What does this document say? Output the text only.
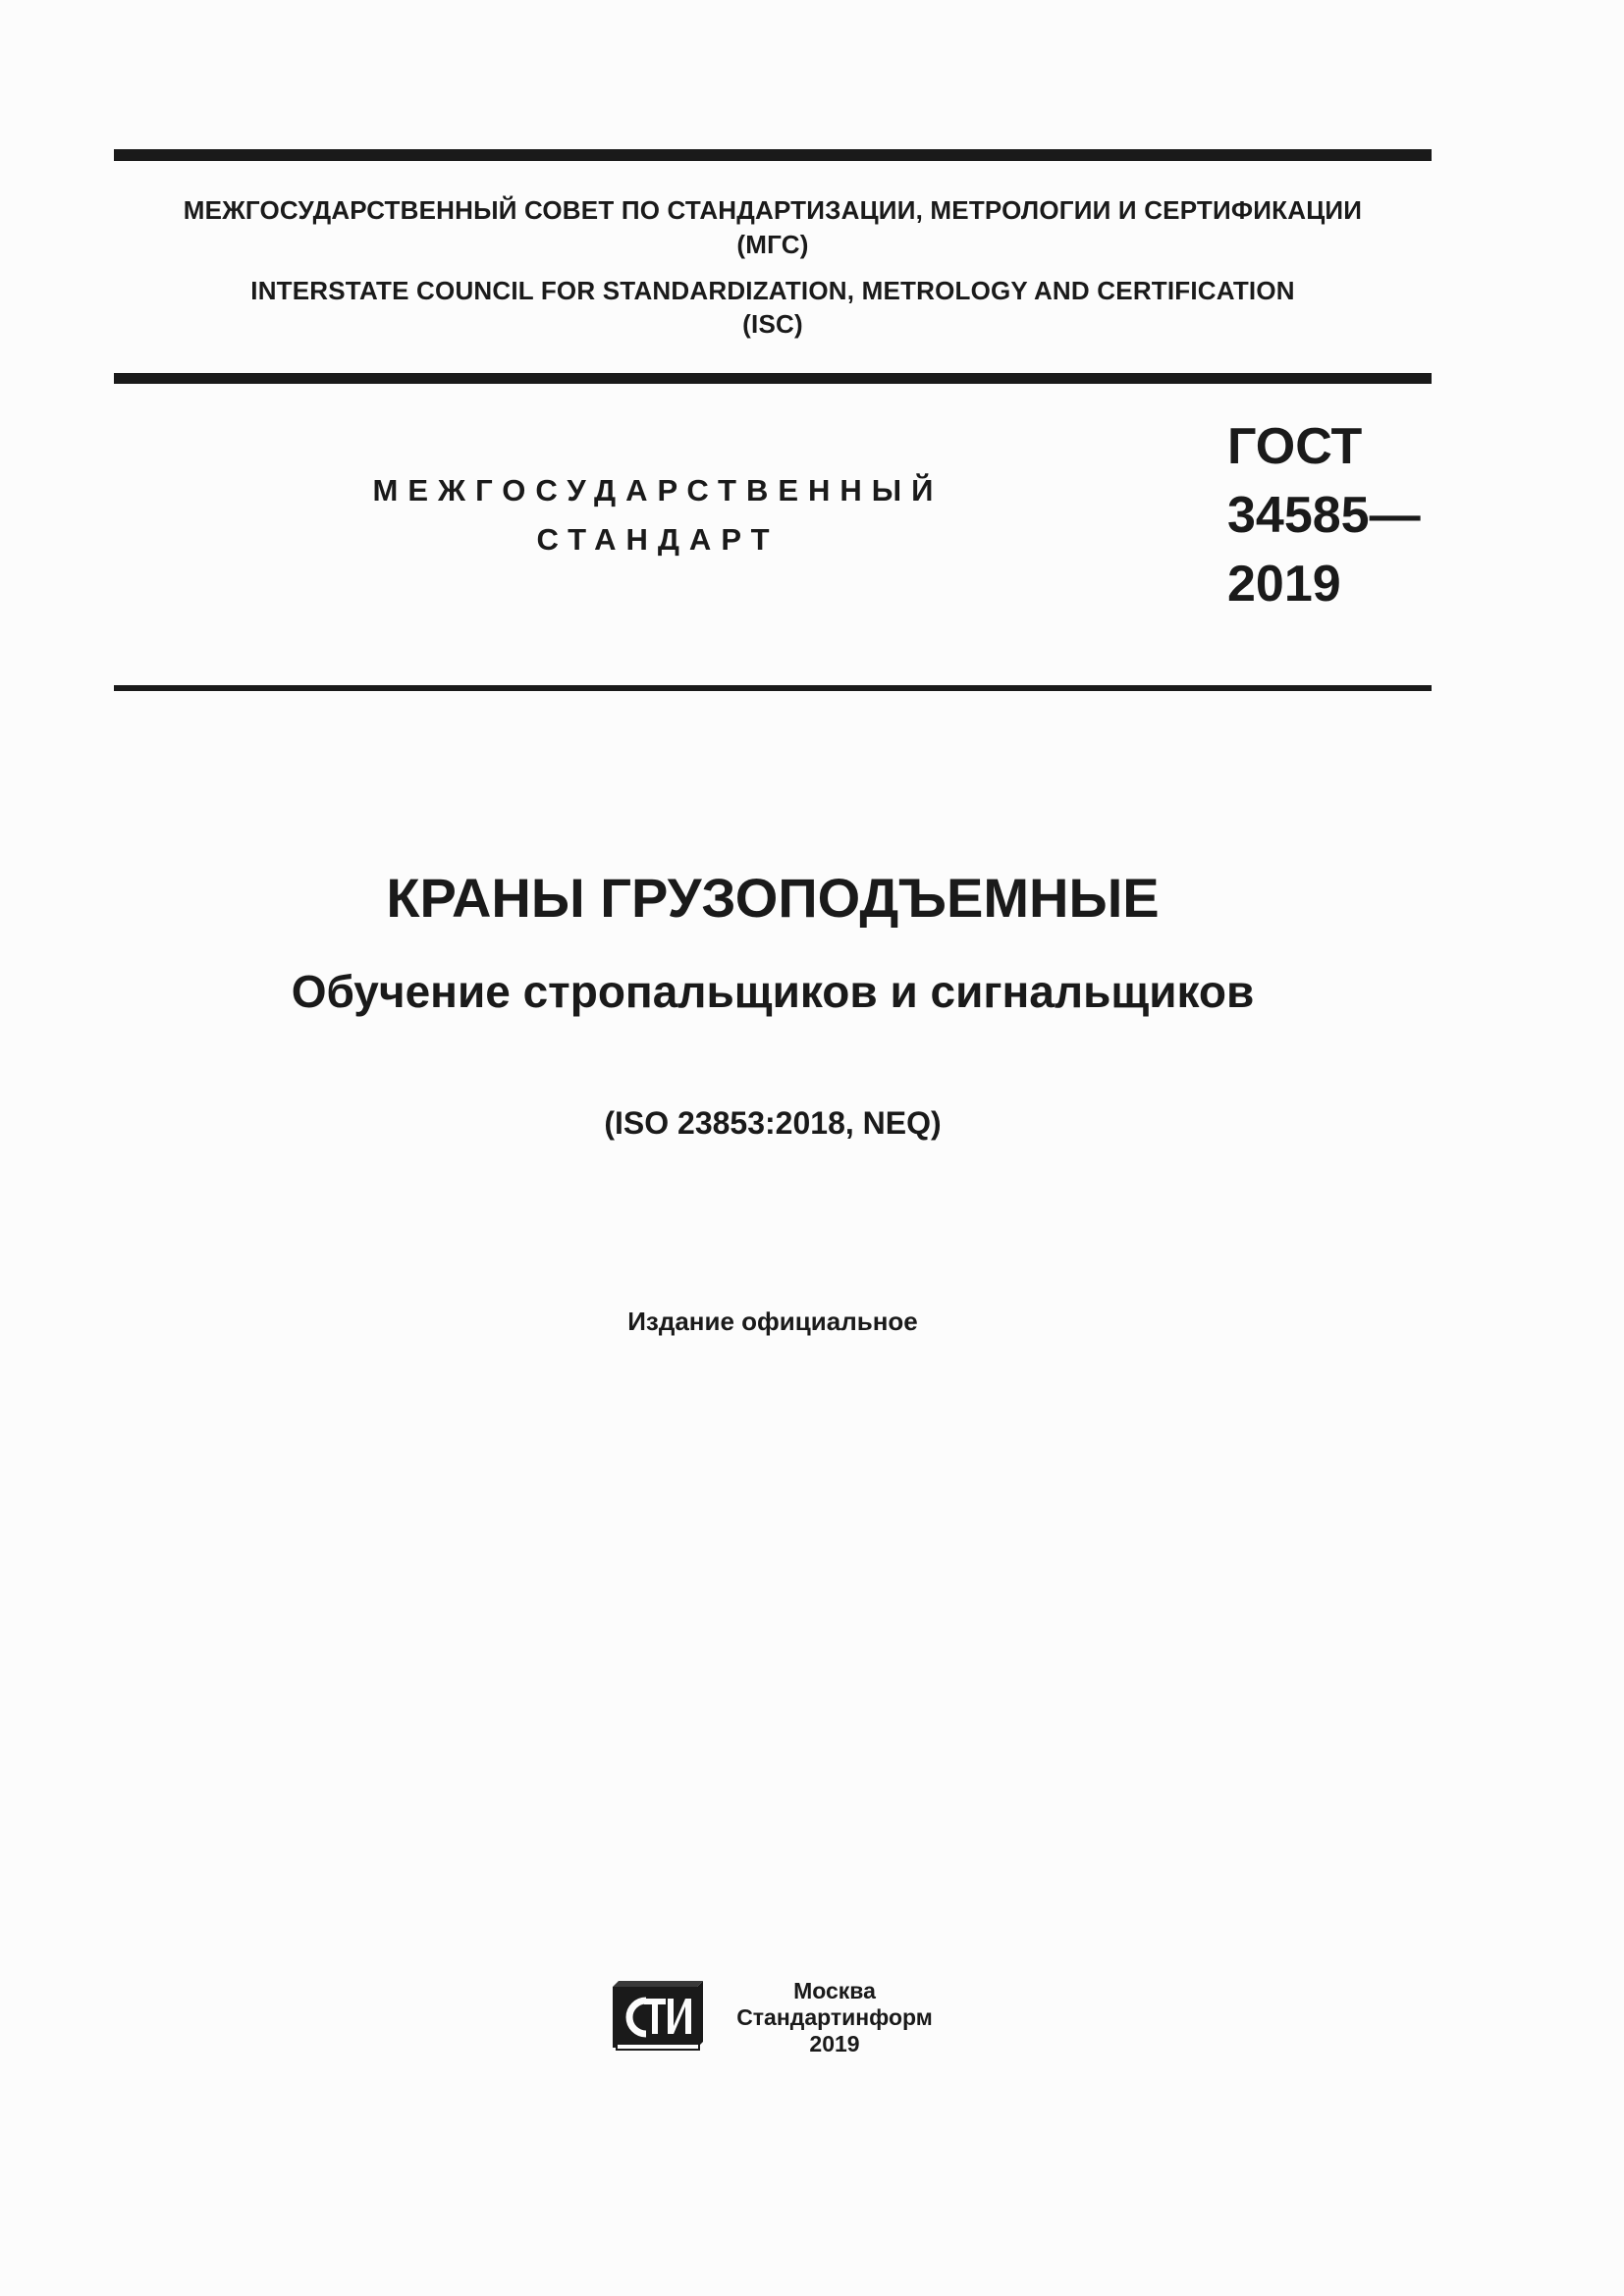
МЕЖГОСУДАРСТВЕННЫЙ СОВЕТ ПО СТАНДАРТИЗАЦИИ, МЕТРОЛОГИИ И СЕРТИФИКАЦИИ
(МГС)
INTERSTATE COUNCIL FOR STANDARDIZATION, METROLOGY AND CERTIFICATION
(ISC)
МЕЖГОСУДАРСТВЕННЫЙ
СТАНДАРТ
ГОСТ
34585—
2019
КРАНЫ ГРУЗОПОДЪЕМНЫЕ
Обучение стропальщиков и сигнальщиков
(ISO 23853:2018, NEQ)
Издание официальное
Москва
Стандартинформ
2019
